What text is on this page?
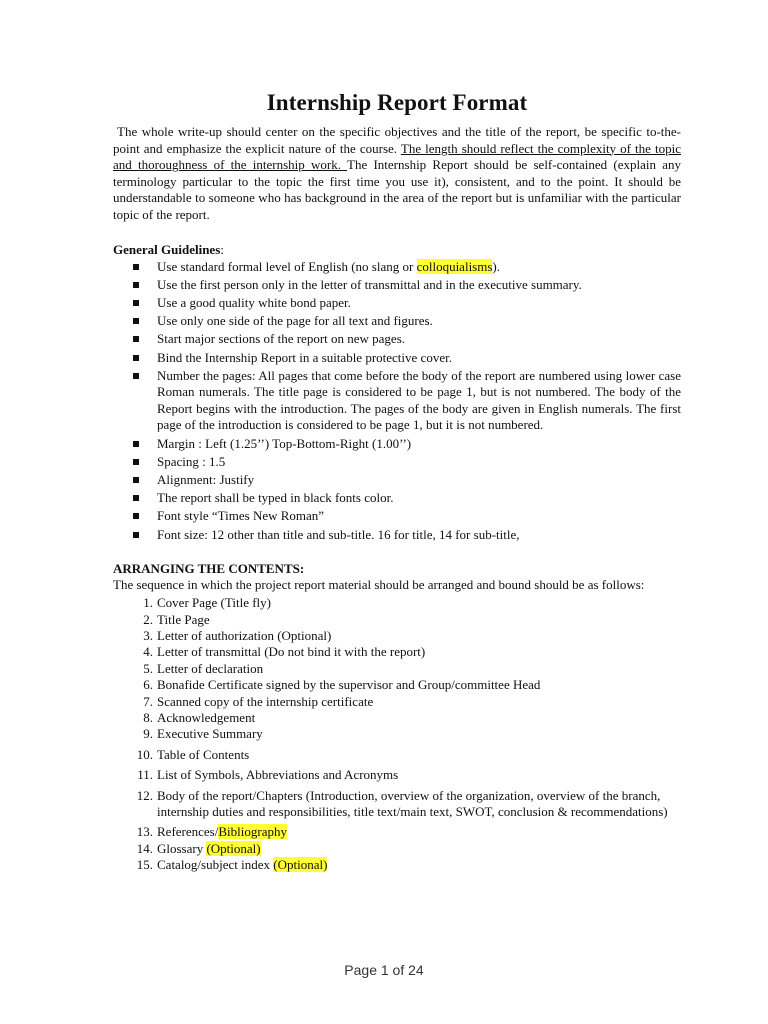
Internship Report Format

The whole write-up should center on the specific objectives and the title of the report, be specific to-the-point and emphasize the explicit nature of the course. The length should reflect the complexity of the topic and thoroughness of the internship work. The Internship Report should be self-contained (explain any terminology particular to the topic the first time you use it), consistent, and to the point. It should be understandable to someone who has background in the area of the report but is unfamiliar with the particular topic of the report.

General Guidelines:
Use standard formal level of English (no slang or colloquialisms).
Use the first person only in the letter of transmittal and in the executive summary.
Use a good quality white bond paper.
Use only one side of the page for all text and figures.
Start major sections of the report on new pages.
Bind the Internship Report in a suitable protective cover.
Number the pages: All pages that come before the body of the report are numbered using lower case Roman numerals. The title page is considered to be page 1, but is not numbered. The body of the Report begins with the introduction. The pages of the body are given in English numerals. The first page of the introduction is considered to be page 1, but it is not numbered.
Margin : Left (1.25’’) Top-Bottom-Right (1.00’’)
Spacing : 1.5
Alignment: Justify
The report shall be typed in black fonts color.
Font style “Times New Roman”
Font size: 12 other than title and sub-title. 16 for title, 14 for sub-title,
ARRANGING THE CONTENTS:

The sequence in which the project report material should be arranged and bound should be as follows:

1. Cover Page (Title fly)
2. Title Page
3. Letter of authorization (Optional)
4. Letter of transmittal (Do not bind it with the report)
5. Letter of declaration
6. Bonafide Certificate signed by the supervisor and Group/committee Head
7. Scanned copy of the internship certificate
8. Acknowledgement
9. Executive Summary
10. Table of Contents
11. List of Symbols, Abbreviations and Acronyms
12. Body of the report/Chapters (Introduction, overview of the organization, overview of the branch, internship duties and responsibilities, title text/main text, SWOT, conclusion & recommendations)
13. References/Bibliography
14. Glossary (Optional)
15. Catalog/subject index (Optional)
Page 1 of 24
